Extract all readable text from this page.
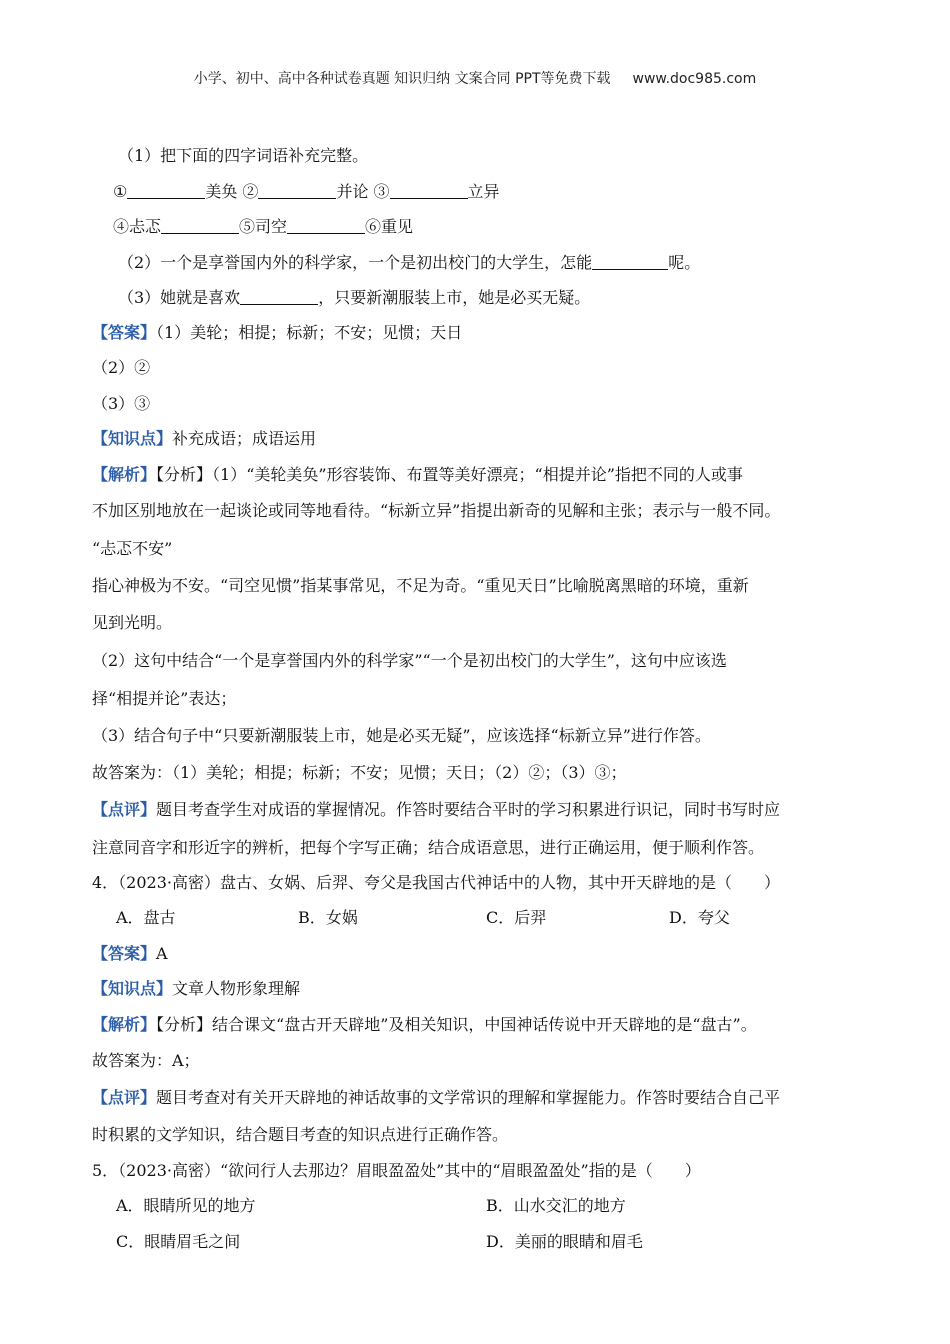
小学、初中、高中各种试卷真题 知识归纳 文案合同 PPT等免费下载 www.doc985.com
（1）把下面的四字词语补充完整。
①	美奂 ②	并论 ③	立异
④忐忑	⑤司空	⑥重见
（2）一个是享誉国内外的科学家，一个是初出校门的大学生，怎能	呢。
（3）她就是喜欢	，只要新潮服装上市，她是必买无疑。
【答案】（1）美轮；相提；标新；不安；见惯；天日
（2）②
（3）③
【知识点】补充成语；成语运用
【解析】【分析】（1）“美轮美奂”形容装饰、布置等美好漂亮；“相提并论”指把不同的人或事
不加区别地放在一起谈论或同等地看待。“标新立异”指提出新奇的见解和主张；表示与一般不同。
“忐忑不安”
指心神极为不安。“司空见惯”指某事常见，不足为奇。“重见天日”比喻脱离黑暗的环境，重新
见到光明。
（2）这句中结合“一个是享誉国内外的科学家”“一个是初出校门的大学生”，这句中应该选
择“相提并论”表达；
（3）结合句子中“只要新潮服装上市，她是必买无疑”，应该选择“标新立异”进行作答。
故答案为：（1）美轮；相提；标新；不安；见惯；天日；（2）②；（3）③；
【点评】题目考查学生对成语的掌握情况。作答时要结合平时的学习积累进行识记，同时书写时应
注意同音字和形近字的辨析，把每个字写正确；结合成语意思，进行正确运用，便于顺利作答。
4．（2023·高密）盘古、女娲、后羿、夸父是我国古代神话中的人物，其中开天辟地的是（　　）
A．盘古	B．女娲	C．后羿	D．夸父
【答案】A
【知识点】文章人物形象理解
【解析】【分析】结合课文“盘古开天辟地”及相关知识，中国神话传说中开天辟地的是“盘古”。
故答案为：A；
【点评】题目考查对有关开天辟地的神话故事的文学常识的理解和掌握能力。作答时要结合自己平
时积累的文学知识，结合题目考查的知识点进行正确作答。
5．（2023·高密）“欲问行人去那边？眉眼盈盈处”其中的“眉眼盈盈处”指的是（　　）
A．眼睛所见的地方	B．山水交汇的地方
C．眼睛眉毛之间	D．美丽的眼睛和眉毛
